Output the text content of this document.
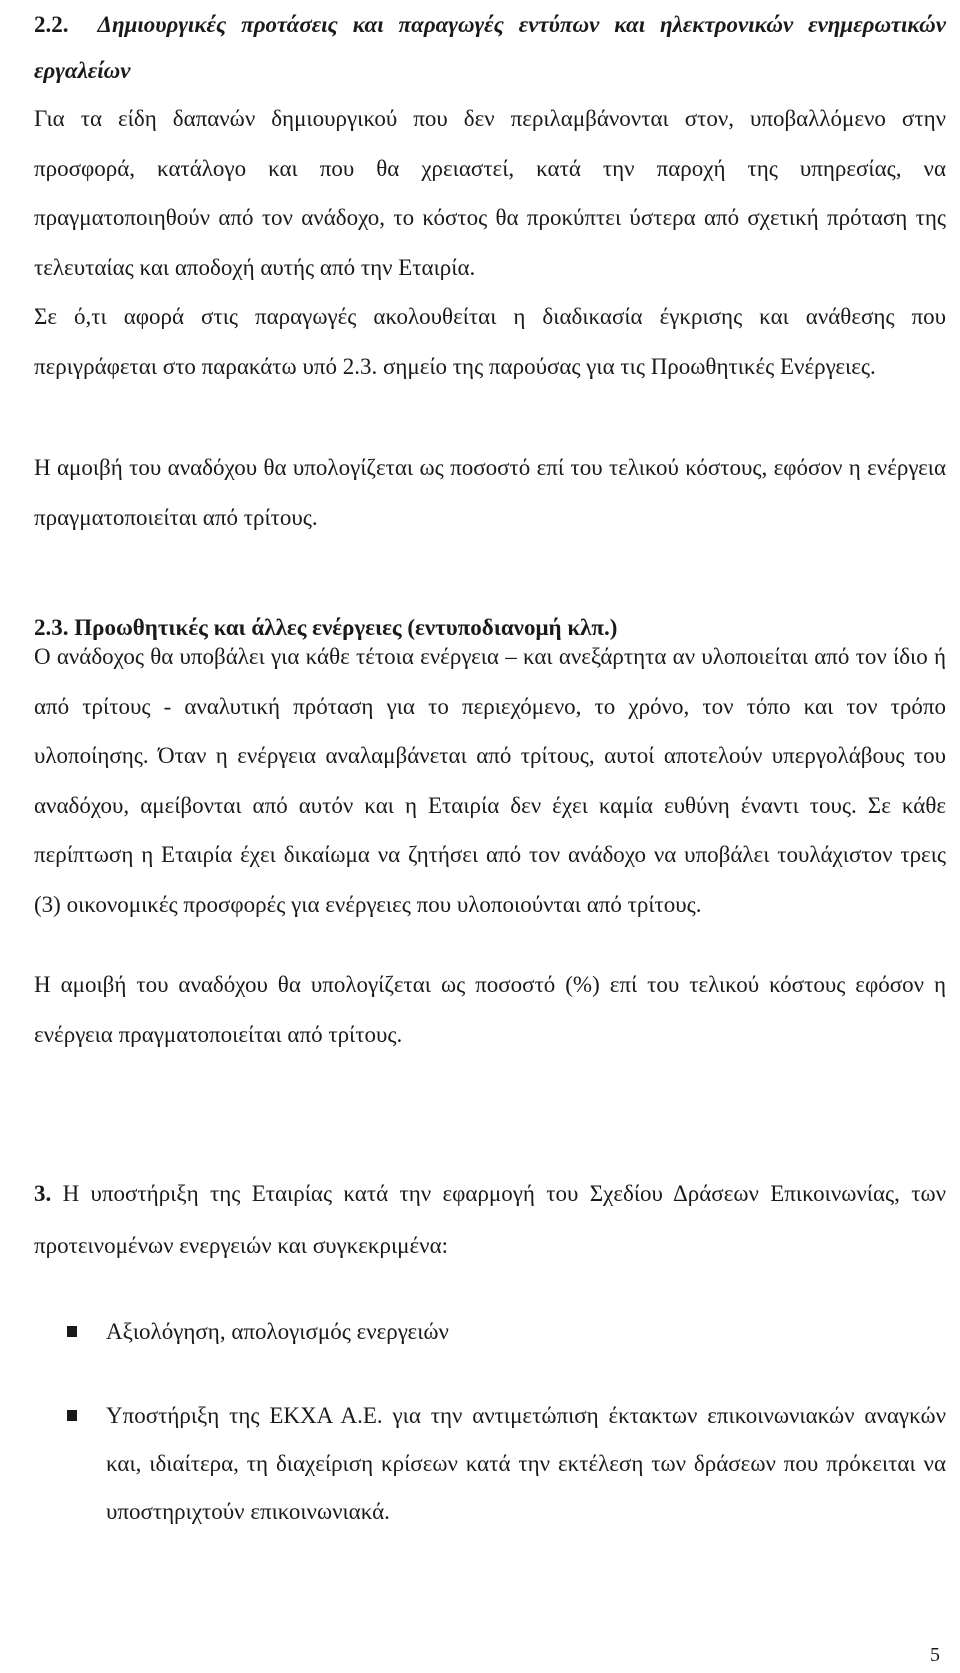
2.2. Δημιουργικές προτάσεις και παραγωγές εντύπων και ηλεκτρονικών ενημερωτικών εργαλείων

Για τα είδη δαπανών δημιουργικού που δεν περιλαμβάνονται στον, υποβαλλόμενο στην προσφορά, κατάλογο και που θα χρειαστεί, κατά την παροχή της υπηρεσίας, να πραγματοποιηθούν από τον ανάδοχο, το κόστος θα προκύπτει ύστερα από σχετική πρόταση της τελευταίας και αποδοχή αυτής από την Εταιρία.

Σε ό,τι αφορά στις παραγωγές ακολουθείται η διαδικασία έγκρισης και ανάθεσης που περιγράφεται στο παρακάτω υπό 2.3. σημείο της παρούσας για τις Προωθητικές Ενέργειες.

Η αμοιβή του αναδόχου θα υπολογίζεται ως ποσοστό επί του τελικού κόστους, εφόσον η ενέργεια πραγματοποιείται από τρίτους.

2.3. Προωθητικές και άλλες ενέργειες (εντυποδιανομή κλπ.)

Ο ανάδοχος θα υποβάλει για κάθε τέτοια ενέργεια – και ανεξάρτητα αν υλοποιείται από τον ίδιο ή από τρίτους - αναλυτική πρόταση για το περιεχόμενο, το χρόνο, τον τόπο και τον τρόπο υλοποίησης. Όταν η ενέργεια αναλαμβάνεται από τρίτους, αυτοί αποτελούν υπεργολάβους του αναδόχου, αμείβονται από αυτόν και η Εταιρία δεν έχει καμία ευθύνη έναντι τους. Σε κάθε περίπτωση η Εταιρία έχει δικαίωμα να ζητήσει από τον ανάδοχο να υποβάλει τουλάχιστον τρεις (3) οικονομικές προσφορές για ενέργειες που υλοποιούνται από τρίτους.

Η αμοιβή του αναδόχου θα υπολογίζεται ως ποσοστό (%) επί του τελικού κόστους εφόσον η ενέργεια πραγματοποιείται από τρίτους.

3. Η υποστήριξη της Εταιρίας κατά την εφαρμογή του Σχεδίου Δράσεων Επικοινωνίας, των προτεινομένων ενεργειών και συγκεκριμένα:

Αξιολόγηση, απολογισμός ενεργειών
Υποστήριξη της ΕΚΧΑ Α.Ε. για την αντιμετώπιση έκτακτων επικοινωνιακών αναγκών και, ιδιαίτερα, τη διαχείριση κρίσεων κατά την εκτέλεση των δράσεων που πρόκειται να υποστηριχτούν επικοινωνιακά.
5
